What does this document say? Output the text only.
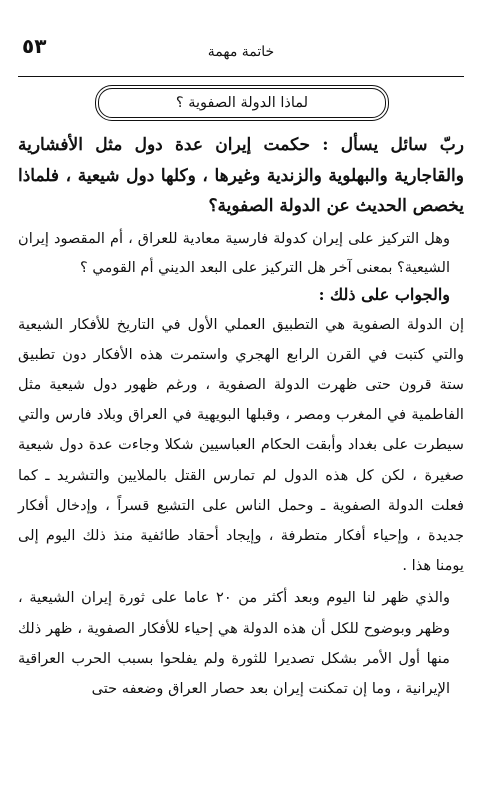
٥٣	خاتمة مهمة
لماذا الدولة الصفوية ؟

ربّ سائل يسأل : حكمت إيران عدة دول مثل الأفشارية والقاجارية والبهلوية والزندية وغيرها ، وكلها دول شيعية ، فلماذا يخصص الحديث عن الدولة الصفوية؟

وهل التركيز على إيران كدولة فارسية معادية للعراق ، أم المقصود إيران الشيعية؟ بمعنى آخر هل التركيز على البعد الديني أم القومي ؟

والجواب على ذلك :

إن الدولة الصفوية هي التطبيق العملي الأول في التاريخ للأفكار الشيعية والتي كتبت في القرن الرابع الهجري واستمرت هذه الأفكار دون تطبيق ستة قرون حتى ظهرت الدولة الصفوية ، ورغم ظهور دول شيعية مثل الفاطمية في المغرب ومصر ، وقبلها البويهية في العراق وبلاد فارس والتي سيطرت على بغداد وأبقت الحكام العباسيين شكلا وجاءت عدة دول شيعية صغيرة ، لكن كل هذه الدول لم تمارس القتل بالملايين والتشريد ـ كما فعلت الدولة الصفوية ـ وحمل الناس على التشيع قسراً ، وإدخال أفكار جديدة ، وإحياء أفكار متطرفة ، وإيجاد أحقاد طائفية منذ ذلك اليوم إلى يومنا هذا .

والذي ظهر لنا اليوم وبعد أكثر من ٢٠ عاما على ثورة إيران الشيعية ، وظهر وبوضوح للكل أن هذه الدولة هي إحياء للأفكار الصفوية ، ظهر ذلك منها أول الأمر بشكل تصديرا للثورة ولم يفلحوا بسبب الحرب العراقية الإيرانية ، وما إن تمكنت إيران بعد حصار العراق وضعفه حتى
